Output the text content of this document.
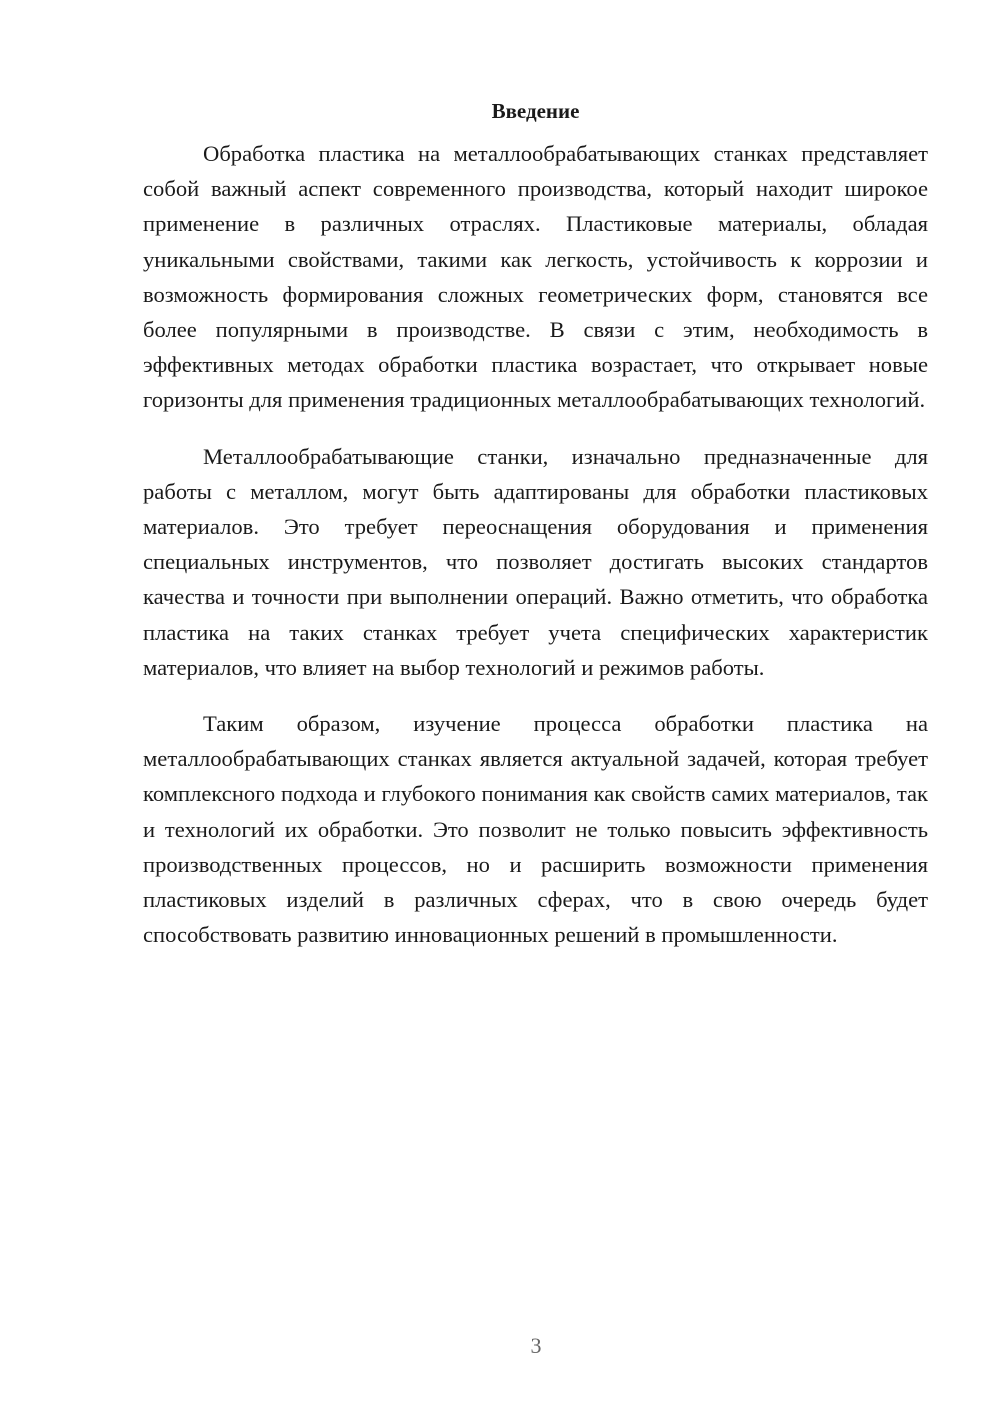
Введение

Обработка пластика на металлообрабатывающих станках представляет собой важный аспект современного производства, который находит широкое применение в различных отраслях. Пластиковые материалы, обладая уникальными свойствами, такими как легкость, устойчивость к коррозии и возможность формирования сложных геометрических форм, становятся все более популярными в производстве. В связи с этим, необходимость в эффективных методах обработки пластика возрастает, что открывает новые горизонты для применения традиционных металлообрабатывающих технологий.

Металлообрабатывающие станки, изначально предназначенные для работы с металлом, могут быть адаптированы для обработки пластиковых материалов. Это требует переоснащения оборудования и применения специальных инструментов, что позволяет достигать высоких стандартов качества и точности при выполнении операций. Важно отметить, что обработка пластика на таких станках требует учета специфических характеристик материалов, что влияет на выбор технологий и режимов работы.

Таким образом, изучение процесса обработки пластика на металлообрабатывающих станках является актуальной задачей, которая требует комплексного подхода и глубокого понимания как свойств самих материалов, так и технологий их обработки. Это позволит не только повысить эффективность производственных процессов, но и расширить возможности применения пластиковых изделий в различных сферах, что в свою очередь будет способствовать развитию инновационных решений в промышленности.

3
